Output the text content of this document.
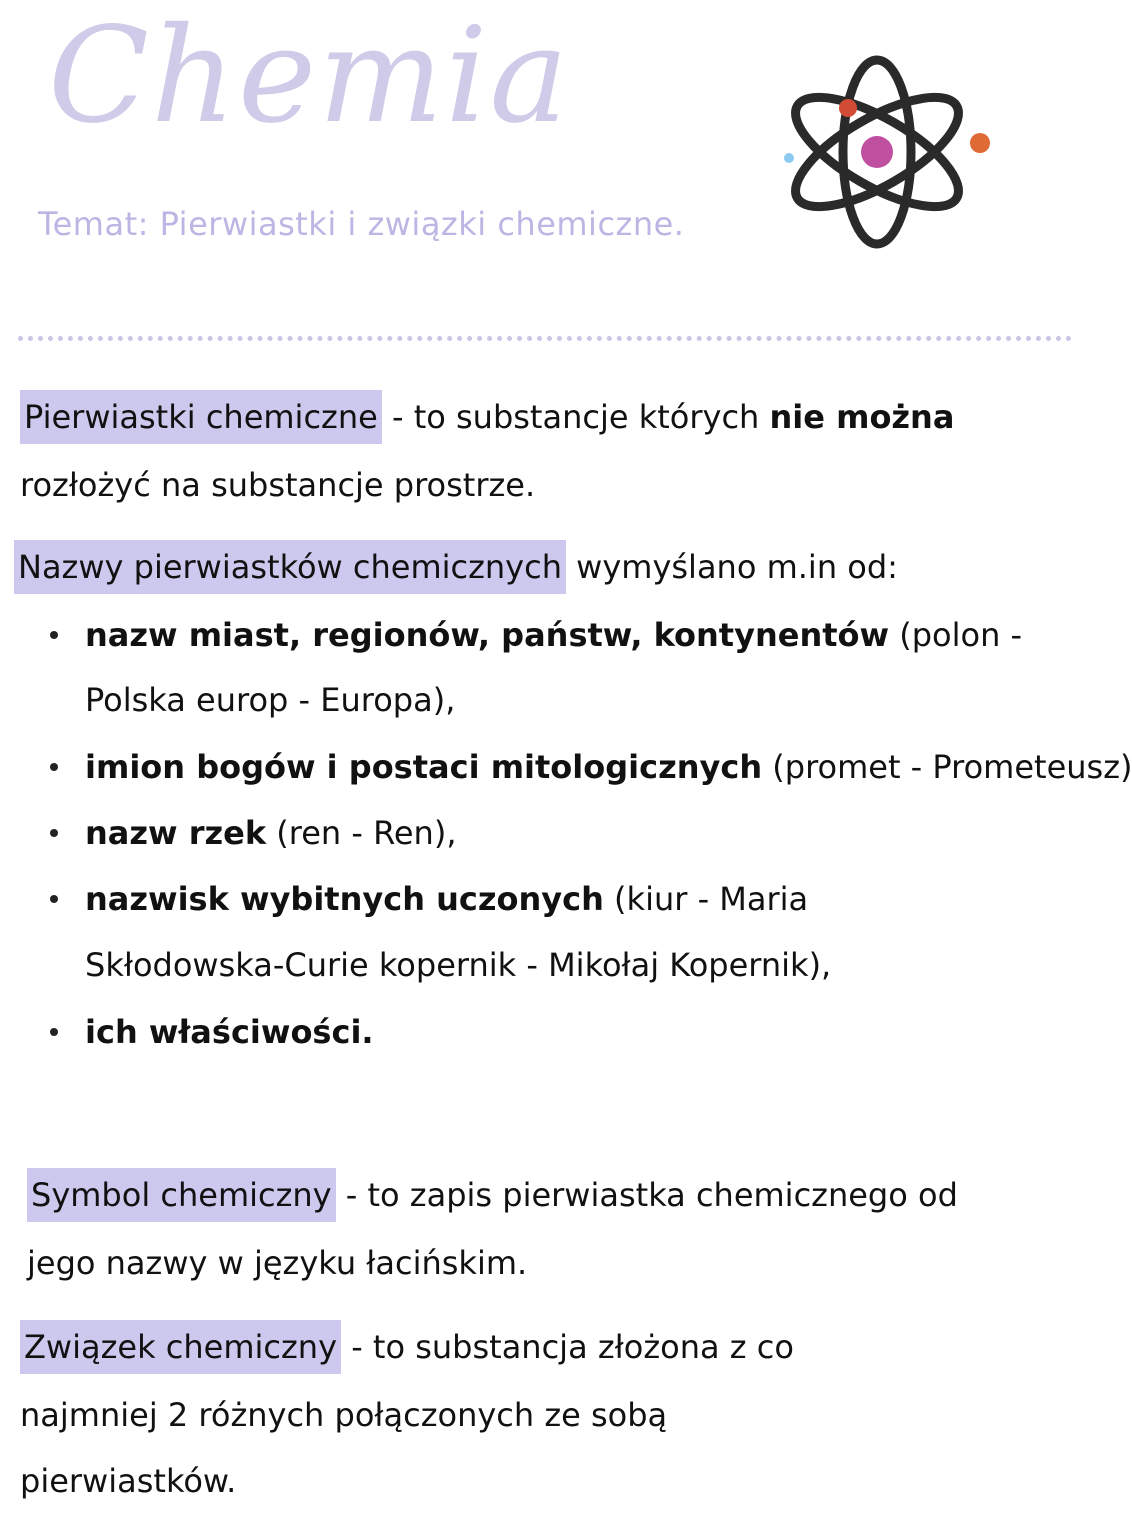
Chemia
Temat: Pierwiastki i związki chemiczne.
Pierwiastki chemiczne - to substancje których nie można
rozłożyć na substancje prostrze.
Nazwy pierwiastków chemicznych wymyślano m.in od:
nazw miast, regionów, państw, kontynentów (polon -
Polska europ - Europa),
imion bogów i postaci mitologicznych (promet - Prometeusz)
nazw rzek (ren - Ren),
nazwisk wybitnych uczonych (kiur - Maria
Skłodowska-Curie kopernik - Mikołaj Kopernik),
ich właściwości.
Symbol chemiczny - to zapis pierwiastka chemicznego od
jego nazwy w języku łacińskim.
Związek chemiczny - to substancja złożona z co
najmniej 2 różnych połączonych ze sobą
pierwiastków.
